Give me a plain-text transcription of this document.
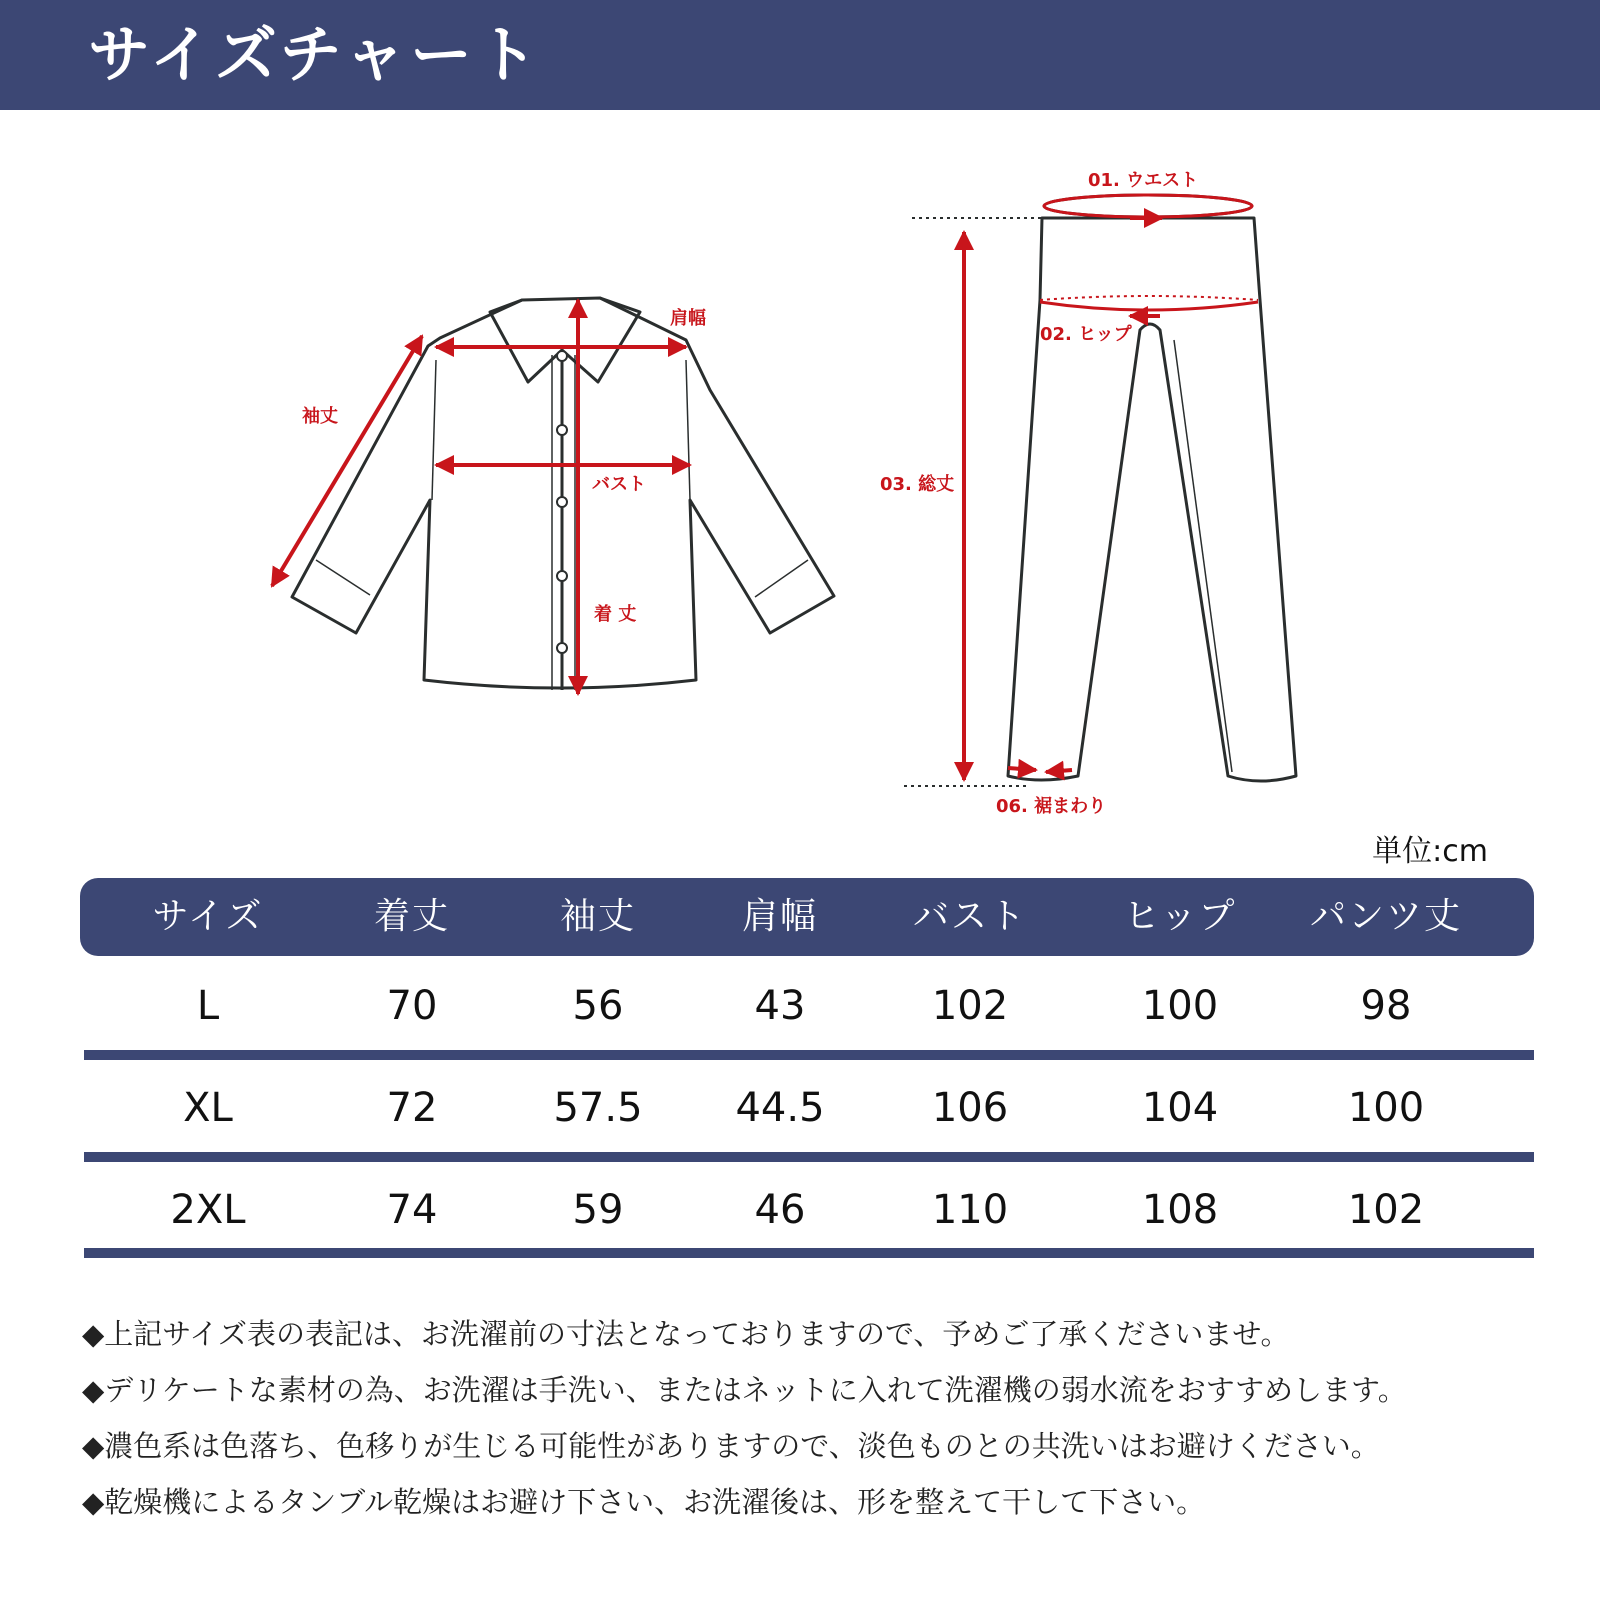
サイズチャート
袖丈
肩幅
バスト
着 丈
01. ウエスト
02. ヒップ
03. 総丈
06. 裾まわり
単位:cm
サイズ	着丈	袖丈	肩幅	バスト	ヒップ	パンツ丈
L	70	56	43	102	100	98
XL	72	57.5	44.5	106	104	100
2XL	74	59	46	110	108	102
◆上記サイズ表の表記は、お洗濯前の寸法となっておりますので、予めご了承くださいませ。
◆デリケートな素材の為、お洗濯は手洗い、またはネットに入れて洗濯機の弱水流をおすすめします。
◆濃色系は色落ち、色移りが生じる可能性がありますので、淡色ものとの共洗いはお避けください。
◆乾燥機によるタンブル乾燥はお避け下さい、お洗濯後は、形を整えて干して下さい。
